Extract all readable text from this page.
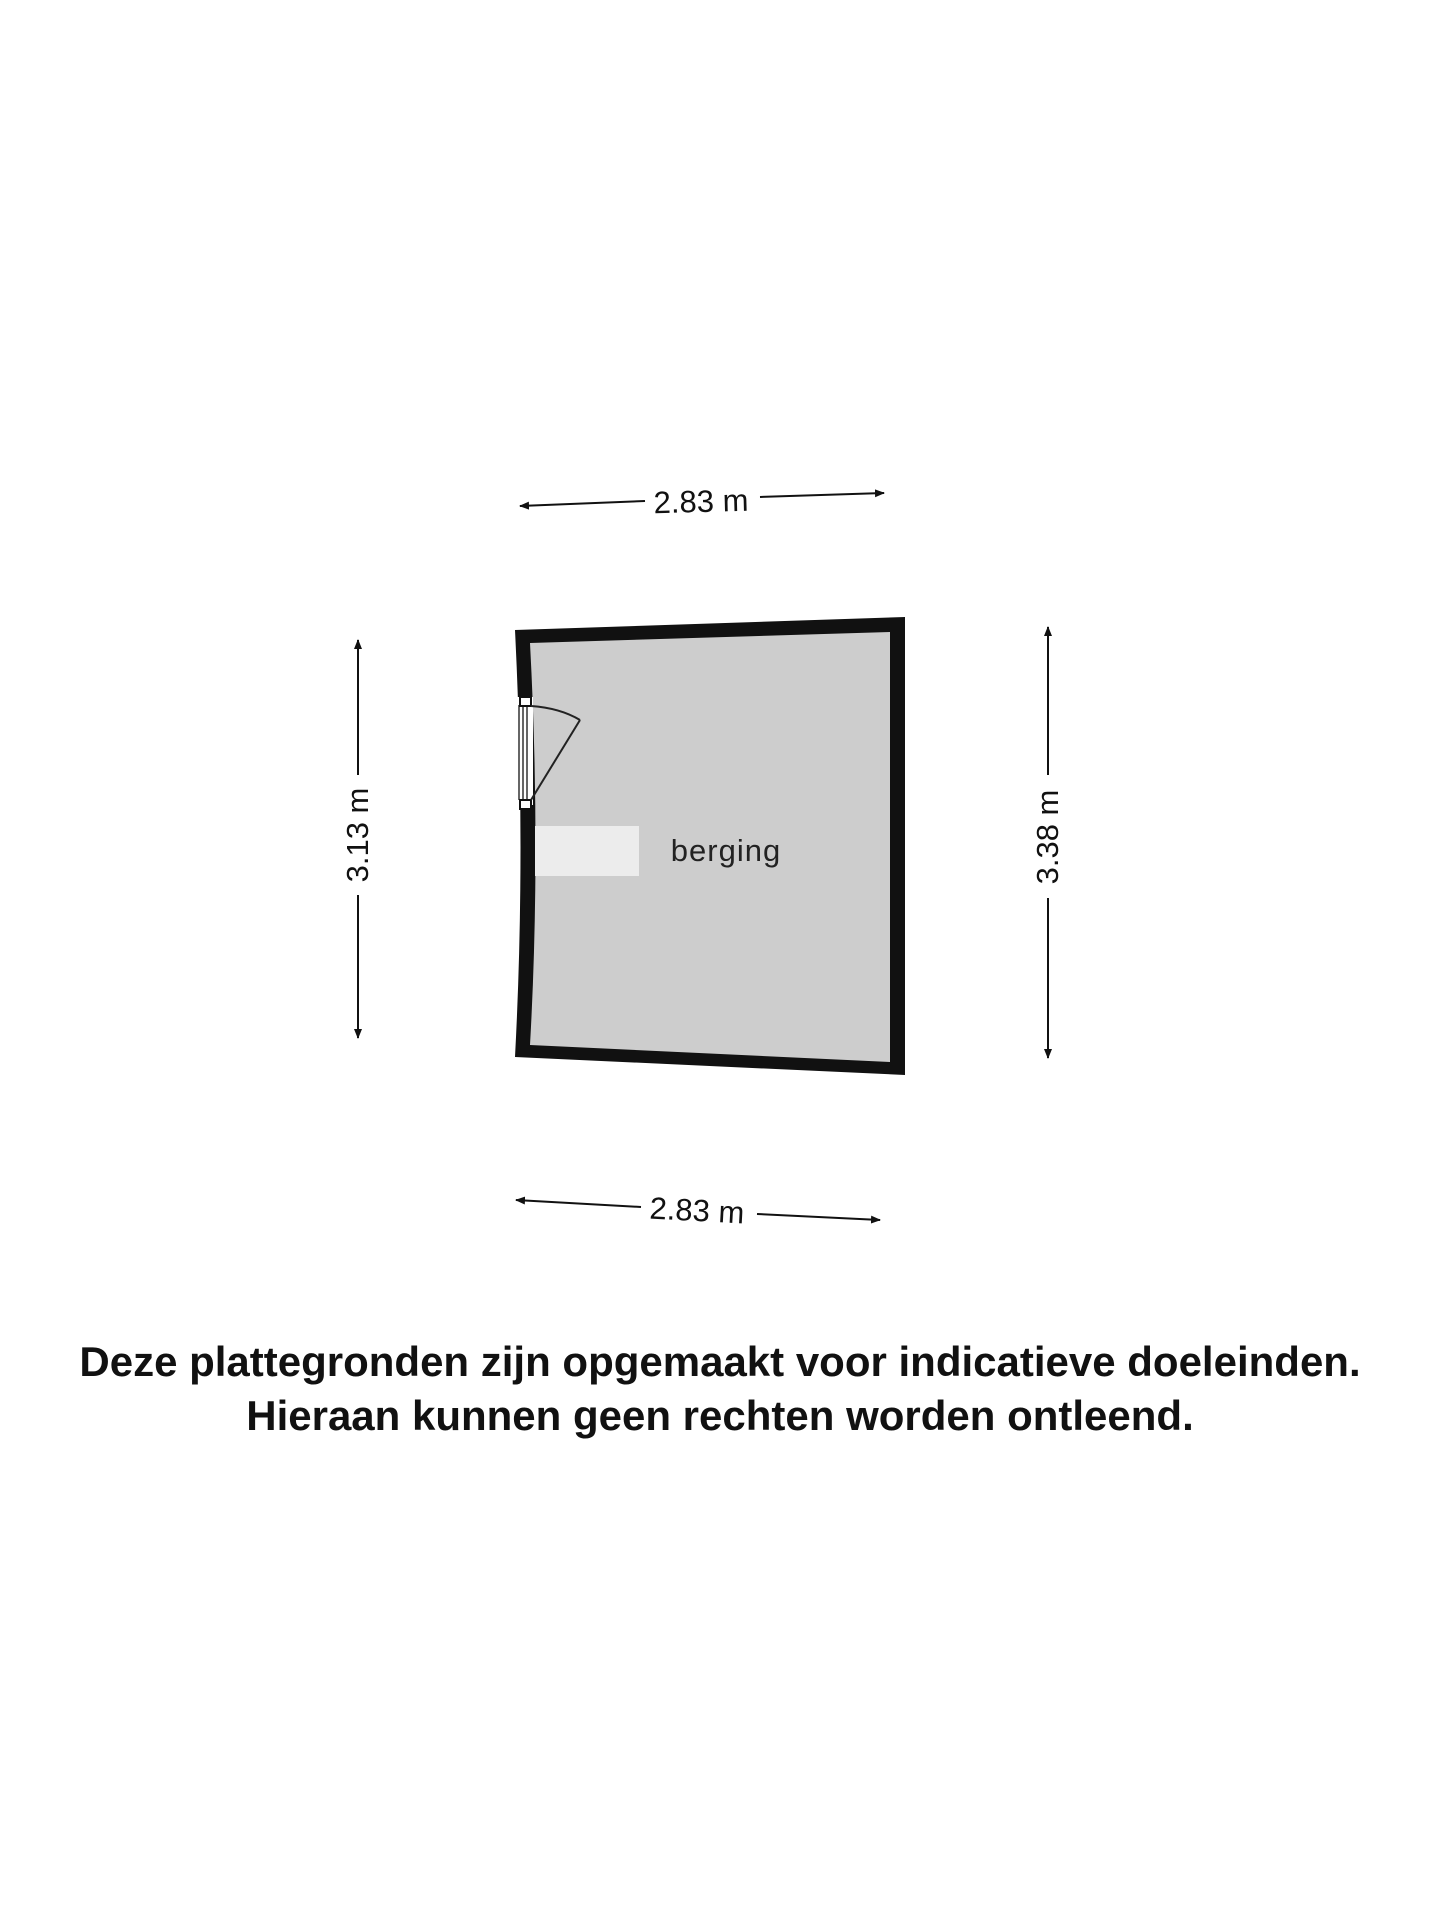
berging
2.83 m
2.83 m
3.13 m	3.38 m
Deze plattegronden zijn opgemaakt voor indicatieve doeleinden.
Hieraan kunnen geen rechten worden ontleend.
